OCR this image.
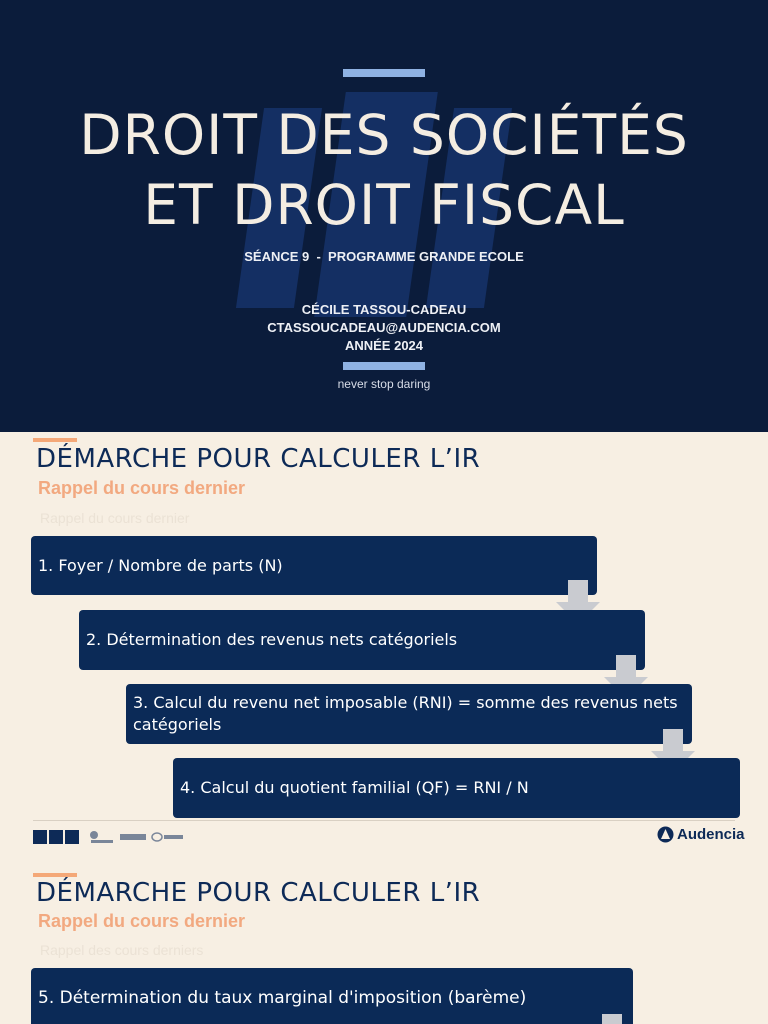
DROIT DES SOCIÉTÉS
ET DROIT FISCAL
SÉANCE 9  -  PROGRAMME GRANDE ECOLE
CÉCILE TASSOU-CADEAU
CTASSOUCADEAU@AUDENCIA.COM
ANNÉE 2024
never stop daring
DÉMARCHE POUR CALCULER L’IR
Rappel du cours dernier
Rappel du cours dernier
1. Foyer / Nombre de parts (N)
2. Détermination des revenus nets catégoriels
3. Calcul du revenu net imposable (RNI) = somme des revenus nets catégoriels
4. Calcul du quotient familial (QF) = RNI / N
Audencia
DÉMARCHE POUR CALCULER L’IR
Rappel du cours dernier
Rappel des cours derniers
5. Détermination du taux marginal d'imposition (barème)
